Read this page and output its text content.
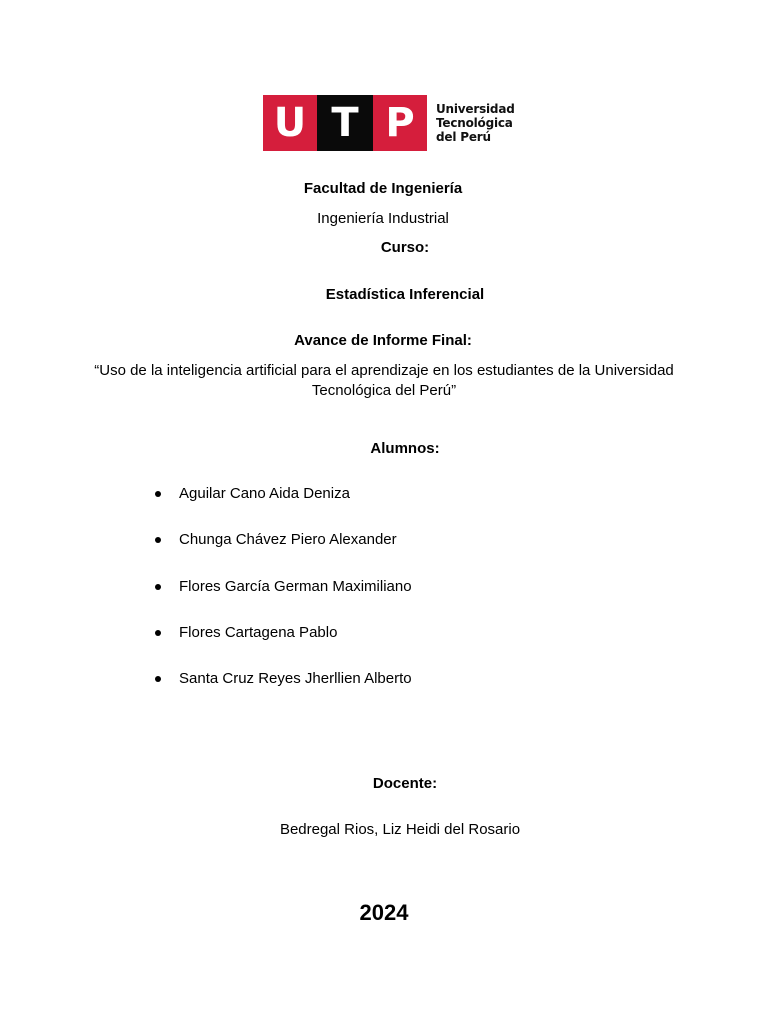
U T P	Universidad
Tecnológica
del Perú
Facultad de Ingeniería
Ingeniería Industrial
Curso:
Estadística Inferencial
Avance de Informe Final:
“Uso de la inteligencia artificial para el aprendizaje en los estudiantes de la Universidad
Tecnológica del Perú”
Alumnos:
Aguilar Cano Aida Deniza
Chunga Chávez Piero Alexander
Flores García German Maximiliano
Flores Cartagena Pablo
Santa Cruz Reyes Jherllien Alberto
Docente:
Bedregal Rios, Liz Heidi del Rosario
2024
